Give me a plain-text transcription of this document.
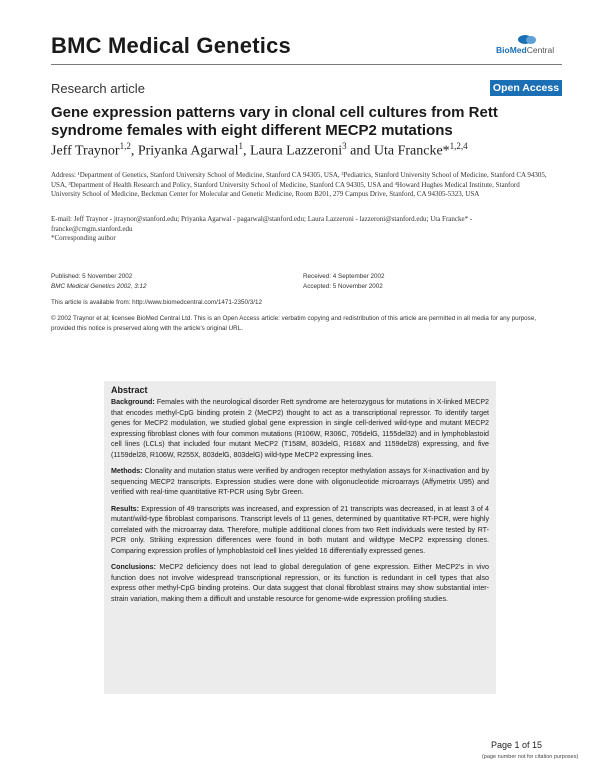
BMC Medical Genetics	BioMedCentral
Research article	Open Access
Gene expression patterns vary in clonal cell cultures from Rett syndrome females with eight different MECP2 mutations
Jeff Traynor$^{1,2}$, Priyanka Agarwal$^1$, Laura Lazzeroni$^3$ and Uta Francke*$^{1,2,4}$
Address: ¹Department of Genetics, Stanford University School of Medicine, Stanford CA 94305, USA, ²Pediatrics, Stanford University School of Medicine, Stanford CA 94305, USA, ³Department of Health Research and Policy, Stanford University School of Medicine, Stanford CA 94305, USA and ⁴Howard Hughes Medical Institute, Stanford University School of Medicine, Beckman Center for Molecular and Genetic Medicine, Room B201, 279 Campus Drive, Stanford, CA 94305-5323, USA
E-mail: Jeff Traynor - jtraynor@stanford.edu; Priyanka Agarwal - pagarwal@stanford.edu; Laura Lazzeroni - lazzeroni@stanford.edu; Uta Francke* - francke@cmgm.stanford.edu
*Corresponding author
Published: 5 November 2002
BMC Medical Genetics 2002, 3:12
Received: 4 September 2002
Accepted: 5 November 2002
This article is available from: http://www.biomedcentral.com/1471-2350/3/12
© 2002 Traynor et al; licensee BioMed Central Ltd. This is an Open Access article: verbatim copying and redistribution of this article are permitted in all media for any purpose, provided this notice is preserved along with the article's original URL.
Abstract
Background: Females with the neurological disorder Rett syndrome are heterozygous for mutations in X-linked MECP2 that encodes methyl-CpG binding protein 2 (MeCP2) thought to act as a transcriptional repressor. To identify target genes for MeCP2 modulation, we studied global gene expression in single cell-derived wild-type and mutant MECP2 expressing fibroblast clones with four common mutations (R106W, R306C, 705delG, 1155del32) and in lymphoblastoid cell lines (LCLs) that included four mutant MeCP2 (T158M, 803delG, R168X and 1159del28) expressing, and five (1159del28, R106W, R255X, 803delG, 803delG) wild-type MeCP2 expressing lines.
Methods: Clonality and mutation status were verified by androgen receptor methylation assays for X-inactivation and by sequencing MECP2 transcripts. Expression studies were done with oligonucleotide microarrays (Affymetrix U95) and verified with real-time quantitative RT-PCR using Sybr Green.
Results: Expression of 49 transcripts was increased, and expression of 21 transcripts was decreased, in at least 3 of 4 mutant/wild-type fibroblast comparisons. Transcript levels of 11 genes, determined by quantitative RT-PCR, were highly correlated with the microarray data. Therefore, multiple additional clones from two Rett individuals were tested by RT-PCR only. Striking expression differences were found in both mutant and wildtype MeCP2 expressing clones. Comparing expression profiles of lymphoblastoid cell lines yielded 16 differentially expressed genes.
Conclusions: MeCP2 deficiency does not lead to global deregulation of gene expression. Either MeCP2's in vivo function does not involve widespread transcriptional repression, or its function is redundant in cell types that also express other methyl-CpG binding proteins. Our data suggest that clonal fibroblast strains may show substantial inter-strain variation, making them a difficult and unstable resource for genome-wide expression profiling studies.
Page 1 of 15
(page number not for citation purposes)
